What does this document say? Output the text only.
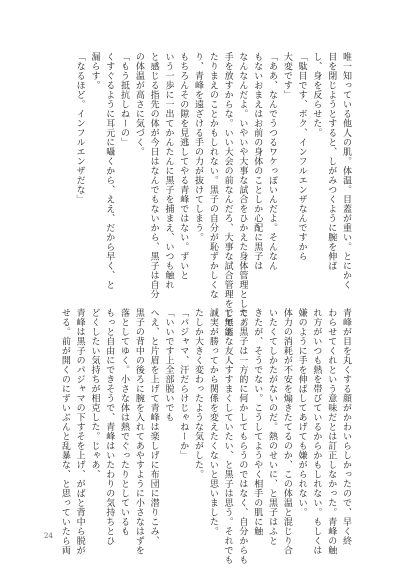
唯一知っている他人の肌。体温。目蓋が重い。とにかく

目を閉じようとすると、しがみつくように腕を伸ば

し、身を反らせた。

「駄目です、ボク、インフルエンザなんですから

大変です」

「ああ、なんでうつるワケっぽいんだよ。そんなん

もないおまえはお前の身体のことしか心配に黒子は

なんなんだよ。いやいや大事な試合をひかえた身体管理としてあ

手を放すからな。いい大会の前なんだろ、大事な試合管理をしてあ

たりまえのことかもしれない。黒子の自分が恥ずかしくな

り、青峰を遠ざける手の力が抜けてしまう。

もちろんその隙を見逃してやる青峰ではない。ずいと

いう一歩に一出てかんたんに黒子を捕まえ、いつも触れ

と感じる指先の体が今日はなんでもないから、黒子は自分

の体温が高さに気づく。

「もう抵抗しねーの」

くすぐるように耳元に囁くから、ええ、だから早く、と

漏らす。

「なるほど。インフルエンザだな」

青峰が目を丸くする顔がかわいらしかったので、早く終

わらせてくれという意味だとは訂正しなかった。青峰の触

れ方がいつも熱を帯びているからかもしれない。もしくは

嫌のように手を伸ばしてあげても嫌がられない。

体力の消耗が不安を煽きたてるのか、この体温と混じり合

いたくてしかたがないのだ。熱のせいに、と黒子はふと

きたが、そうでない。こうしてようやく相手の肌に触

た。黒子は一方的に何かしてもらうのではなく、自分からも

で無能な友人すすまくしていたい、と黒子は思う。それでも

誠実が勝ってから関係を変えたくないと思いました。

たしか大きく変わったような気がした。

「パジャマ、汗だらけじゃねーか」

「いいです上全部脱いでも

へえ、と片眉を上げて青峰は楽しげに布団に潜りこみ、

黒子の背中の後ろに腕を入れてあやすように小さなはずを

落としてゆく。小さな体は熱でぐったりとしているも

もっと自由にできそうで、青峰はいたわりの気持ちとひ

どくしたい気持ちが相克した。じゃあ、

青峰は黒子のパジャマの下すそを上げ、がばと背中ら脱が

せる。前が開くのにずいぶんと乱暴な、と思っていたら両

24
